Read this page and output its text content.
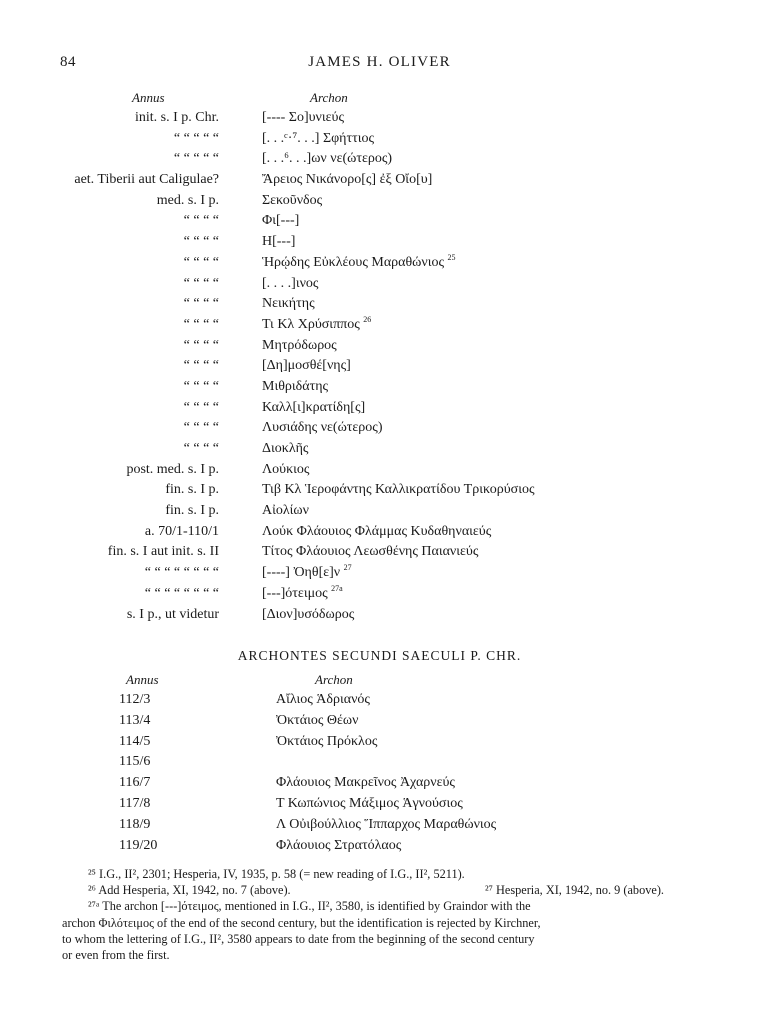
84	JAMES H. OLIVER
Annus	Archon
init. s. I p. Chr.	[---- Σο]υνιεύς
“ “ “ “ “	[. . .ᶜ·⁷. . .] Σφήττιος
“ “ “ “ “	[. . .⁶. . .]ων νε(ώτερος)
aet. Tiberii aut Caligulae?	Ἄρειος Νικάνορο[ς] ἐξ Οἴο[υ]
med. s. I p.	Σεκοῦνδος
“ “ “ “	Φι[---]
“ “ “ “	Η[---]
“ “ “ “	Ἡρῴδης Εὐκλέους Μαραθώνιος $^{25}$
“ “ “ “	[. . . .]ινος
“ “ “ “	Νεικήτης
“ “ “ “	Τι Κλ Χρύσιππος $^{26}$
“ “ “ “	Μητρόδωρος
“ “ “ “	[Δη]μοσθέ[νης]
“ “ “ “	Μιθριδάτης
“ “ “ “	Καλλ[ι]κρατίδη[ς]
“ “ “ “	Λυσιάδης νε(ώτερος)
“ “ “ “	Διοκλῆς
post. med. s. I p.	Λούκιος
fin. s. I p.	Τιβ Κλ Ἱεροφάντης Καλλικρατίδου Τρικορύσιος
fin. s. I p.	Αἰολίων
a. 70/1-110/1	Λούκ Φλάουιος Φλάμμας Κυδαθηναιεύς
fin. s. I aut init. s. II	Τίτος Φλάουιος Λεωσθένης Παιανιεύς
“ “ “ “ “ “ “ “	[----] Ὀηθ[ε]ν $^{27}$
“ “ “ “ “ “ “ “	[---]ότειμος $^{27a}$
s. I p., ut videtur	[Διον]υσόδωρος
ARCHONTES SECUNDI SAECULI P. CHR.
Annus	Archon
112/3	Αἴλιος Ἁδριανός
113/4	Ὀκτάιος Θέων
114/5	Ὀκτάιος Πρόκλος
115/6
116/7	Φλάουιος Μακρεῖνος Ἀχαρνεύς
117/8	Τ Κωπώνιος Μάξιμος Ἁγνούσιος
118/9	Λ Οὐιβούλλιος Ἵππαρχος Μαραθώνιος
119/20	Φλάουιος Στρατόλαος

²⁵ I.G., II², 2301; Hesperia, IV, 1935, p. 58 (= new reading of I.G., II², 5211).

²⁶ Add Hesperia, XI, 1942, no. 7 (above).	²⁷ Hesperia, XI, 1942, no. 9 (above).

²⁷ᵃ The archon [---]ότειμος, mentioned in I.G., II², 3580, is identified by Graindor with the

archon Φιλότειμος of the end of the second century, but the identification is rejected by Kirchner,

to whom the lettering of I.G., II², 3580 appears to date from the beginning of the second century

or even from the first.
